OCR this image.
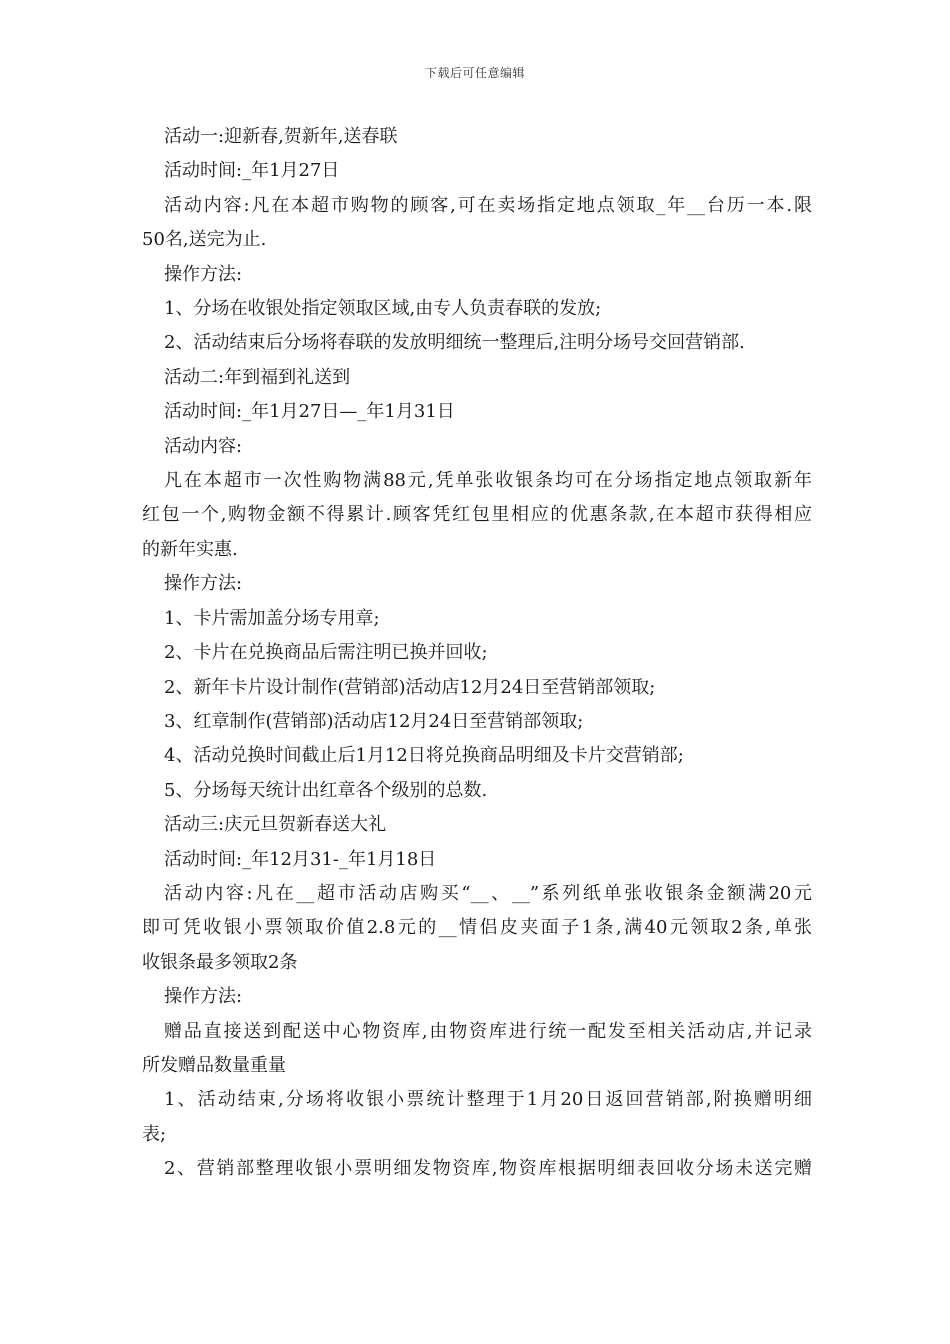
下载后可任意编辑

活动一:迎新春,贺新年,送春联

活动时间:_年1月27日

活动内容:凡在本超市购物的顾客,可在卖场指定地点领取_年__台历一本.限

50名,送完为止.

操作方法:

1、分场在收银处指定领取区域,由专人负责春联的发放;

2、活动结束后分场将春联的发放明细统一整理后,注明分场号交回营销部.

活动二:年到福到礼送到

活动时间:_年1月27日—_年1月31日

活动内容:

凡在本超市一次性购物满88元,凭单张收银条均可在分场指定地点领取新年

红包一个,购物金额不得累计.顾客凭红包里相应的优惠条款,在本超市获得相应

的新年实惠.

操作方法:

1、卡片需加盖分场专用章;

2、卡片在兑换商品后需注明已换并回收;

2、新年卡片设计制作(营销部)活动店12月24日至营销部领取;

3、红章制作(营销部)活动店12月24日至营销部领取;

4、活动兑换时间截止后1月12日将兑换商品明细及卡片交营销部;

5、分场每天统计出红章各个级别的总数.

活动三:庆元旦贺新春送大礼

活动时间:_年12月31-_年1月18日

活动内容:凡在__超市活动店购买“__、__”系列纸单张收银条金额满20元

即可凭收银小票领取价值2.8元的__情侣皮夹面子1条,满40元领取2条,单张

收银条最多领取2条

操作方法:

赠品直接送到配送中心物资库,由物资库进行统一配发至相关活动店,并记录

所发赠品数量重量

1、活动结束,分场将收银小票统计整理于1月20日返回营销部,附换赠明细

表;

2、营销部整理收银小票明细发物资库,物资库根据明细表回收分场未送完赠
